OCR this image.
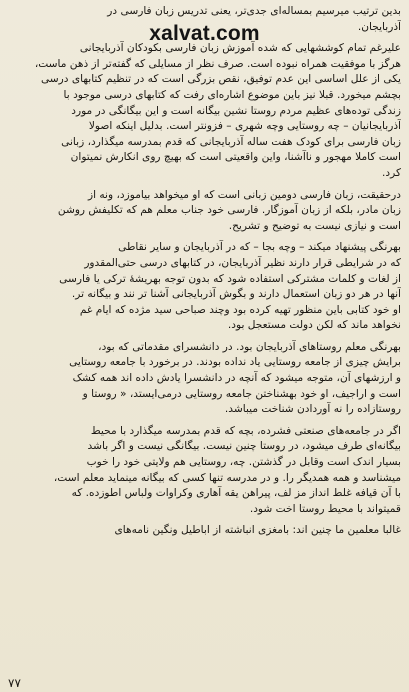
xalvat.com
بدین ترتیب میرسیم بمساله‌ای جدی‌تر، یعنی تدریس زبان فارسی در
آذربایجان.
علیرغم تمام کوششهایی که شده آموزش زبان فارسی بکودکان آذربایجانی
هرگز با موفقیت همراه نبوده است. صرف نظر از مسایلی که گفته‌تر از ذهن ماست،
یکی از علل اساسی این عدم توفیق، نقص بزرگی است که در تنظیم کتابهای درسی
بچشم میخورد. قبلا نیز باین موضوع اشاره‌ای رفت که کتابهای درسی موجود با
زندگی توده‌های عظیم مردم روستا نشین بیگانه است و این بیگانگی در مورد
آذربایجانیان – چه روستایی وچه شهری – فزونتر است. بدلیل اینکه اصولا
زبان فارسی برای کودک هفت ساله آذربایجانی که قدم بمدرسه میگذارد، زبانی
است کاملا مهجور و ناآشنا، واین واقعیتی است که بهیچ روی انکارش نمیتوان
کرد.
درحقیقت، زبان فارسی دومین زبانی است که او میخواهد بیاموزد، ونه از
زبان مادر، بلکه از زبان آموزگار. فارسی خود جناب معلم هم که تکلیفش روشن
است و نیازی نیست به توضیح و تشریح.
بهرنگی پیشنهاد میکند – وچه بجا – که در آذربایجان و سایر نقاطی
که در شرایطی قرار دارند نظیر آذربایجان، در کتابهای درسی حتی‌المقدور
از لغات و کلمات مشترکی استفاده شود که بدون توجه بهریشهٔ ترکی یا فارسی
آنها در هر دو زبان استعمال دارند و بگوش آذربایجانی آشنا تر نند و بیگانه تر.
او خود کتابی باین منظور تهیه کرده بود وچند صباحی سید مژده که ایام غم
نخواهد ماند که لکن دولت مستعجل بود.
بهرنگی معلم روستاهای آذربایجان بود. در دانشسرای مقدماتی که بود،
برایش چیزی از جامعه روستایی یاد نداده بودند. در برخورد با جامعه روستایی
و ارزشهای آن، متوجه میشود که آنچه در دانشسرا یادش داده اند همه کشک
است و اراجیف، او خود بهشناختن جامعه روستایی درمی‌ایستد، « روستا و
روستازاده را نه آوردادن شناخت میباشد.
اگر در جامعه‌های صنعتی فشرده، بچه که قدم بمدرسه میگذارد با محیط
بیگانه‌ای طرف میشود، در روستا چنین نیست. بیگانگی نیست و اگر باشد
بسیار اندک است وقابل در گذشتن. چه، روستایی هم ولایتی خود را خوب
میشناسد و همه همدیگر را. و در مدرسه تنها کسی که بیگانه مینماید معلم است،
با آن قیافه غلط انداز مز لف، پیراهن یقه آهاری وکراوات ولباس اطوزده. که
قمیتواند با محیط روستا اخت شود.
غالبا معلمین ما چنین اند: بامغزی انباشته از اباطیل ونگین نامه‌های
۷۷
